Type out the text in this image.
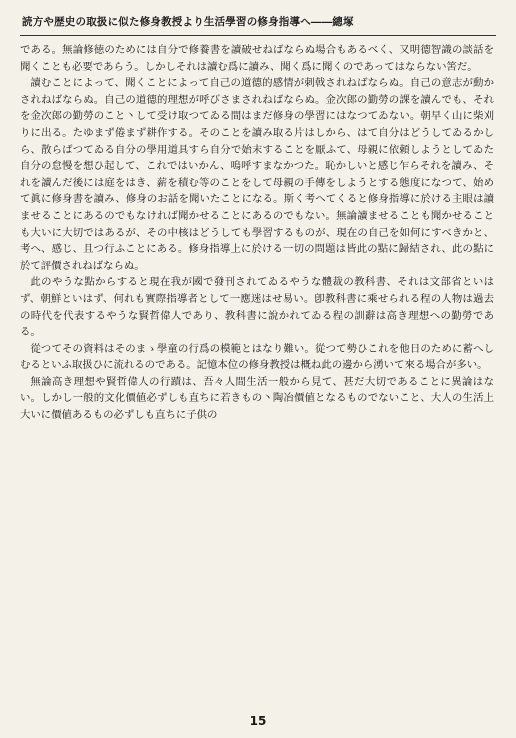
読方や歴史の取扱に似た修身教授より生活學習の修身指導へ――總塚

である。無論修徳のためには自分で修養書を讀破せねばならぬ場合もあるべく、又明德智識の談話を聞くことも必要であらう。しかしそれは讀む爲に讀み、聞く爲に聞くのであってはならない筈だ。

讀むことによって、聞くことによって自己の道德的感情が刺戟されねばならぬ。自己の意志が動かされねばならぬ。自己の道德的理想が呼びさまされねばならぬ。金次郎の勤勞の課を讀んでも、それを金次郎の勤勞のこと丶して受け取つてゐる間はまだ修身の學習にはなつてゐない。朝早く山に柴刈りに出る。たゆまず倦まず耕作する。そのことを讀み取る片はしから、はて自分はどうしてゐるかしら、散らばつてゐる自分の學用道具すら自分で始末することを厭ふて、母親に依頼しようとしてゐた自分の怠慢を想ひ起して、これではいかん、嗚呼すまなかつた。恥かしいと感じ乍らそれを讀み、それを讀んだ後には庭をはき、薪を積む等のことをして母親の手傳をしようとする態度になつて、始めて眞に修身書を讀み、修身のお話を聞いたことになる。斯く考へてくると修身指導に於ける主眼は讀ませることにあるのでもなければ聞かせることにあるのでもない。無論讀ませることも聞かせることも大いに大切ではあるが、その中核はどうしても學習するものが、現在の自己を如何にすべきかと、考へ、感じ、且つ行ふことにある。修身指導上に於ける一切の問題は皆此の點に歸結され、此の點に於て評價されねばならぬ。

此のやうな點からすると現在我が國で發刊されてゐるやうな體裁の教科書、それは文部省といはず、朝鮮といはず、何れも實際指導者として一應迷はせ易い。卽教科書に乘せられる程の人物は過去の時代を代表するやうな賢哲偉人であり、教科書に說かれてゐる程の訓辭は高き理想への勤勞である。

從つてその資料はそのまゝ學童の行爲の模範とはなり難い。從つて勢ひこれを他日のために蓄へしむるといふ取扱ひに流れるのである。記憶本位の修身教授は概ね此の邊から湧いて來る場合が多い。

無論高き理想や賢哲偉人の行蹟は、吾々人間生活一般から見て、甚だ大切であることに異論はない。しかし一般的文化價値必ずしも直ちに若きもの丶陶冶價値となるものでないこと、大人の生活上大いに價値あるもの必ずしも直ちに子供の

15
